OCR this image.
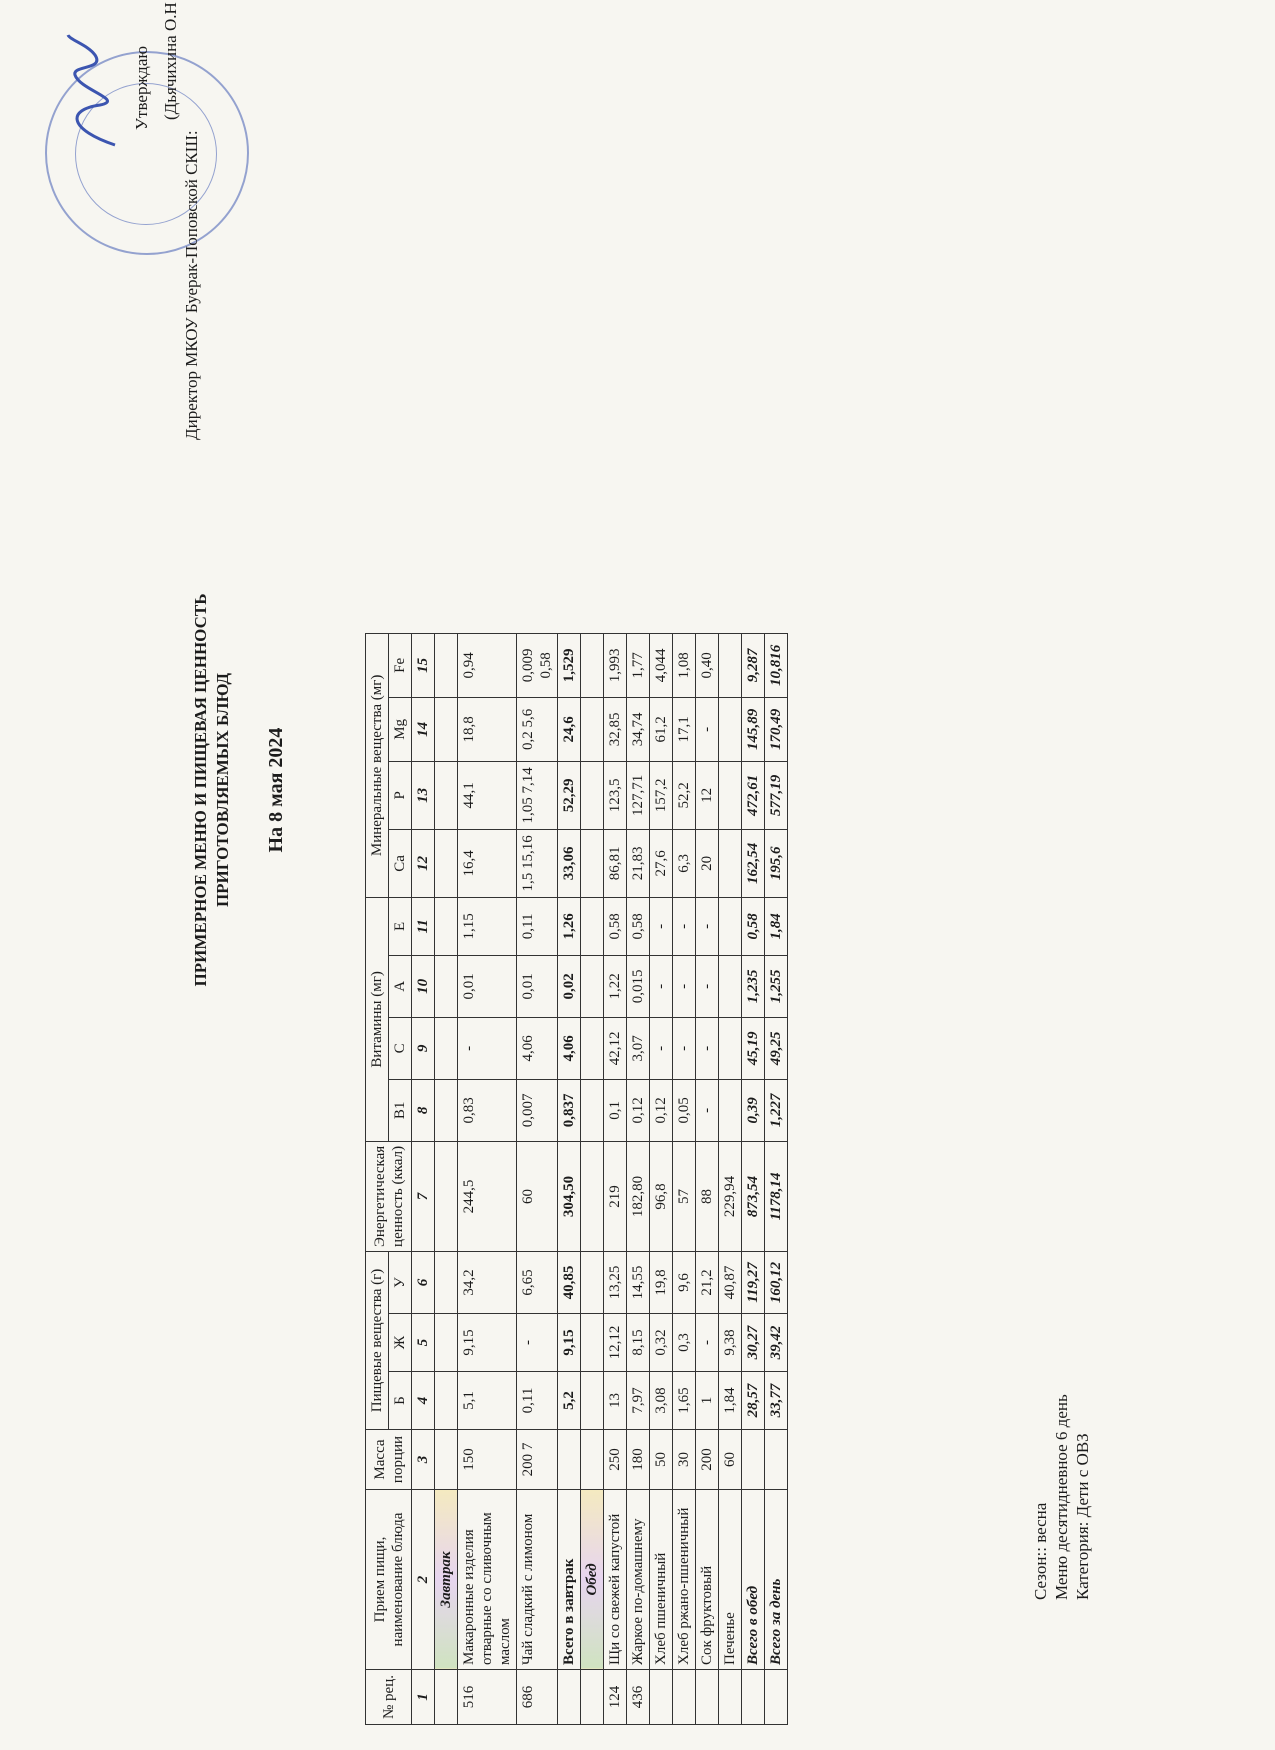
Сезон:: весна Меню десятидневное 6 день Категория: Дети с ОВЗ
ПРИМЕРНОЕ МЕНЮ И ПИЩЕВАЯ ЦЕННОСТЬ ПРИГОТОВЛЯЕМЫХ БЛЮД На 8 мая 2024
Утверждаю (Дьячихина О.Н
Директор МКОУ Буерак-Поповской СКШ:
№ рец.	Прием пищи, наименование блюда	Масса порции	Пищевые вещества (г)			Энергетическая ценность (ккал)	Витамины (мг)				Минеральные вещества (мг)			
			Б	Ж	У		B1	C	A	E	Ca	P	Mg	Fe
1	2	3	4	5	6	7	8	9	10	11	12	13	14	15
	Завтрак													
516	Макаронные изделия отварные со сливочным маслом	150	5,1	9,15	34,2	244,5	0,83	-	0,01	1,15	16,4	44,1	18,8	0,94
686	Чай сладкий с лимоном	200 7	0,11	-	6,65	60	0,007	4,06	0,01	0,11	1,5 15,16	1,05 7,14	0,2 5,6	0,009 0,58
	Всего в завтрак		5,2	9,15	40,85	304,50	0,837	4,06	0,02	1,26	33,06	52,29	24,6	1,529
	Обед													
124	Щи со свежей капустой	250	13	12,12	13,25	219	0,1	42,12	1,22	0,58	86,81	123,5	32,85	1,993
436	Жаркое по-домашнему	180	7,97	8,15	14,55	182,80	0,12	3,07	0,015	0,58	21,83	127,71	34,74	1,77
	Хлеб пшеничный	50	3,08	0,32	19,8	96,8	0,12	-	-	-	27,6	157,2	61,2	4,044
	Хлеб ржано-пшеничный	30	1,65	0,3	9,6	57	0,05	-	-	-	6,3	52,2	17,1	1,08
	Сок фруктовый	200	1	-	21,2	88	-	-	-	-	20	12	-	0,40
	Печенье	60	1,84	9,38	40,87	229,94								
	Всего в обед		28,57	30,27	119,27	873,54	0,39	45,19	1,235	0,58	162,54	472,61	145,89	9,287
	Всего за день		33,77	39,42	160,12	1178,14	1,227	49,25	1,255	1,84	195,6	577,19	170,49	10,816
